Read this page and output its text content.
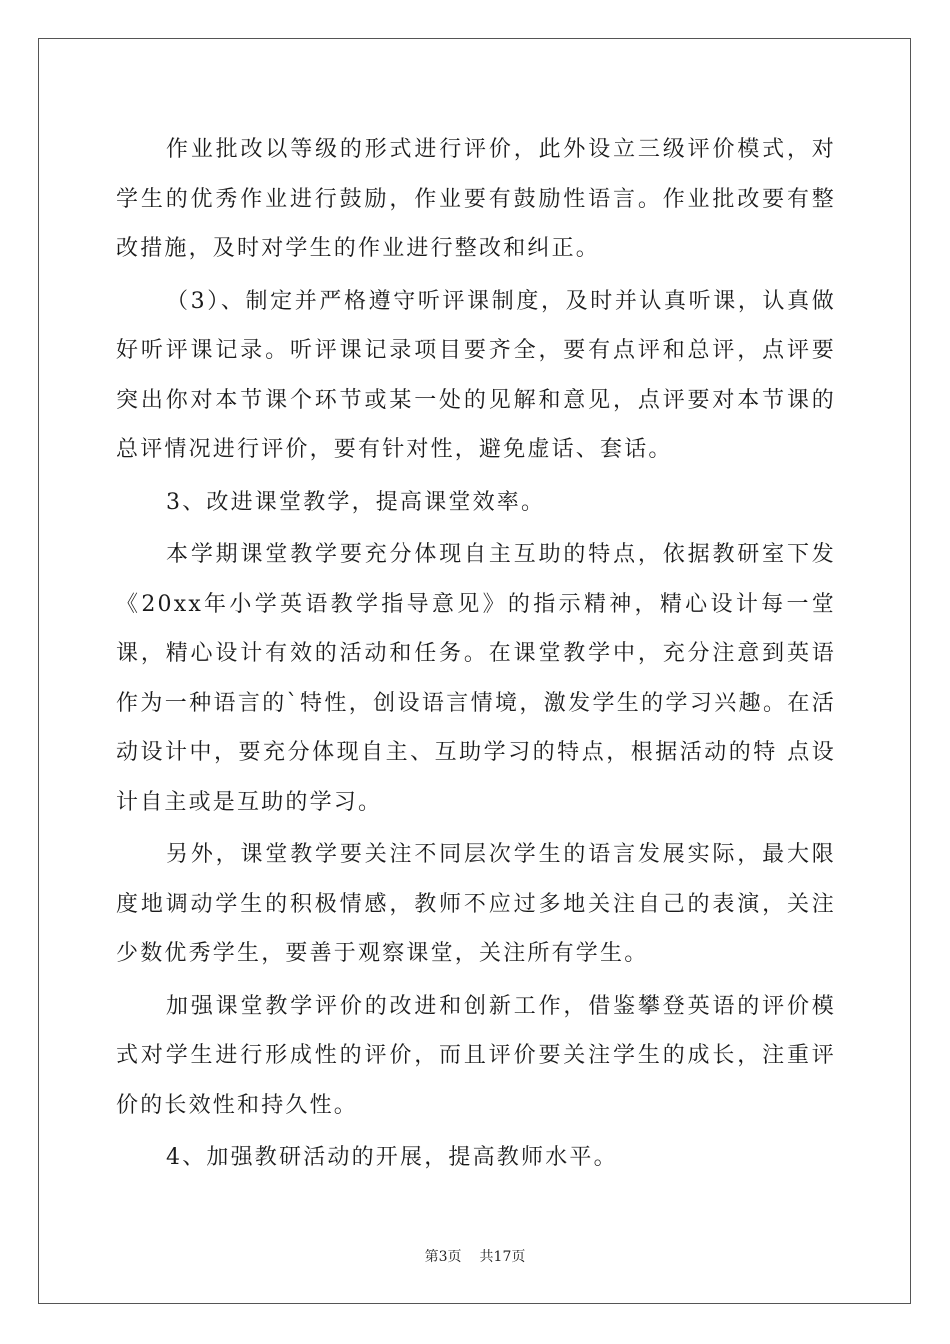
作业批改以等级的形式进行评价，此外设立三级评价模式，对学生的优秀作业进行鼓励，作业要有鼓励性语言。作业批改要有整改措施，及时对学生的作业进行整改和纠正。

（3）、制定并严格遵守听评课制度，及时并认真听课，认真做好听评课记录。听评课记录项目要齐全，要有点评和总评，点评要突出你对本节课个环节或某一处的见解和意见，点评要对本节课的总评情况进行评价，要有针对性，避免虚话、套话。

3、改进课堂教学，提高课堂效率。

本学期课堂教学要充分体现自主互助的特点，依据教研室下发《20xx年小学英语教学指导意见》的指示精神，精心设计每一堂课，精心设计有效的活动和任务。在课堂教学中，充分注意到英语作为一种语言的`特性，创设语言情境，激发学生的学习兴趣。在活动设计中，要充分体现自主、互助学习的特点，根据活动的特 点设计自主或是互助的学习。

另外，课堂教学要关注不同层次学生的语言发展实际，最大限度地调动学生的积极情感，教师不应过多地关注自己的表演，关注少数优秀学生，要善于观察课堂，关注所有学生。

加强课堂教学评价的改进和创新工作，借鉴攀登英语的评价模式对学生进行形成性的评价，而且评价要关注学生的成长，注重评价的长效性和持久性。

4、加强教研活动的开展，提高教师水平。

第3页 共17页
